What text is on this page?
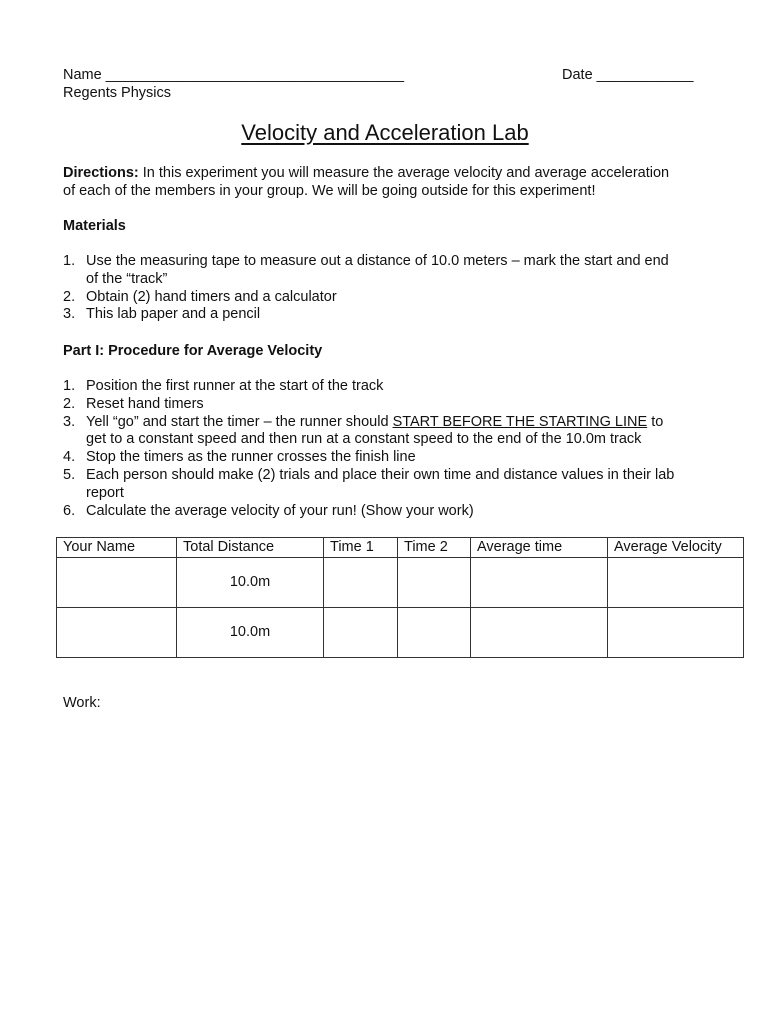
Name _____________________________________	Date ____________
Regents Physics
Velocity and Acceleration Lab
Directions: In this experiment you will measure the average velocity and average acceleration
of each of the members in your group. We will be going outside for this experiment!
Materials
1. Use the measuring tape to measure out a distance of 10.0 meters – mark the start and end
of the “track”
2. Obtain (2) hand timers and a calculator
3. This lab paper and a pencil
Part I: Procedure for Average Velocity
1. Position the first runner at the start of the track
2. Reset hand timers
3. Yell “go” and start the timer – the runner should START BEFORE THE STARTING LINE to
get to a constant speed and then run at a constant speed to the end of the 10.0m track
4. Stop the timers as the runner crosses the finish line
5. Each person should make (2) trials and place their own time and distance values in their lab
report
6. Calculate the average velocity of your run! (Show your work)
Your Name	Total Distance	Time 1	Time 2	Average time	Average Velocity
	10.0m				
	10.0m				
Work:
